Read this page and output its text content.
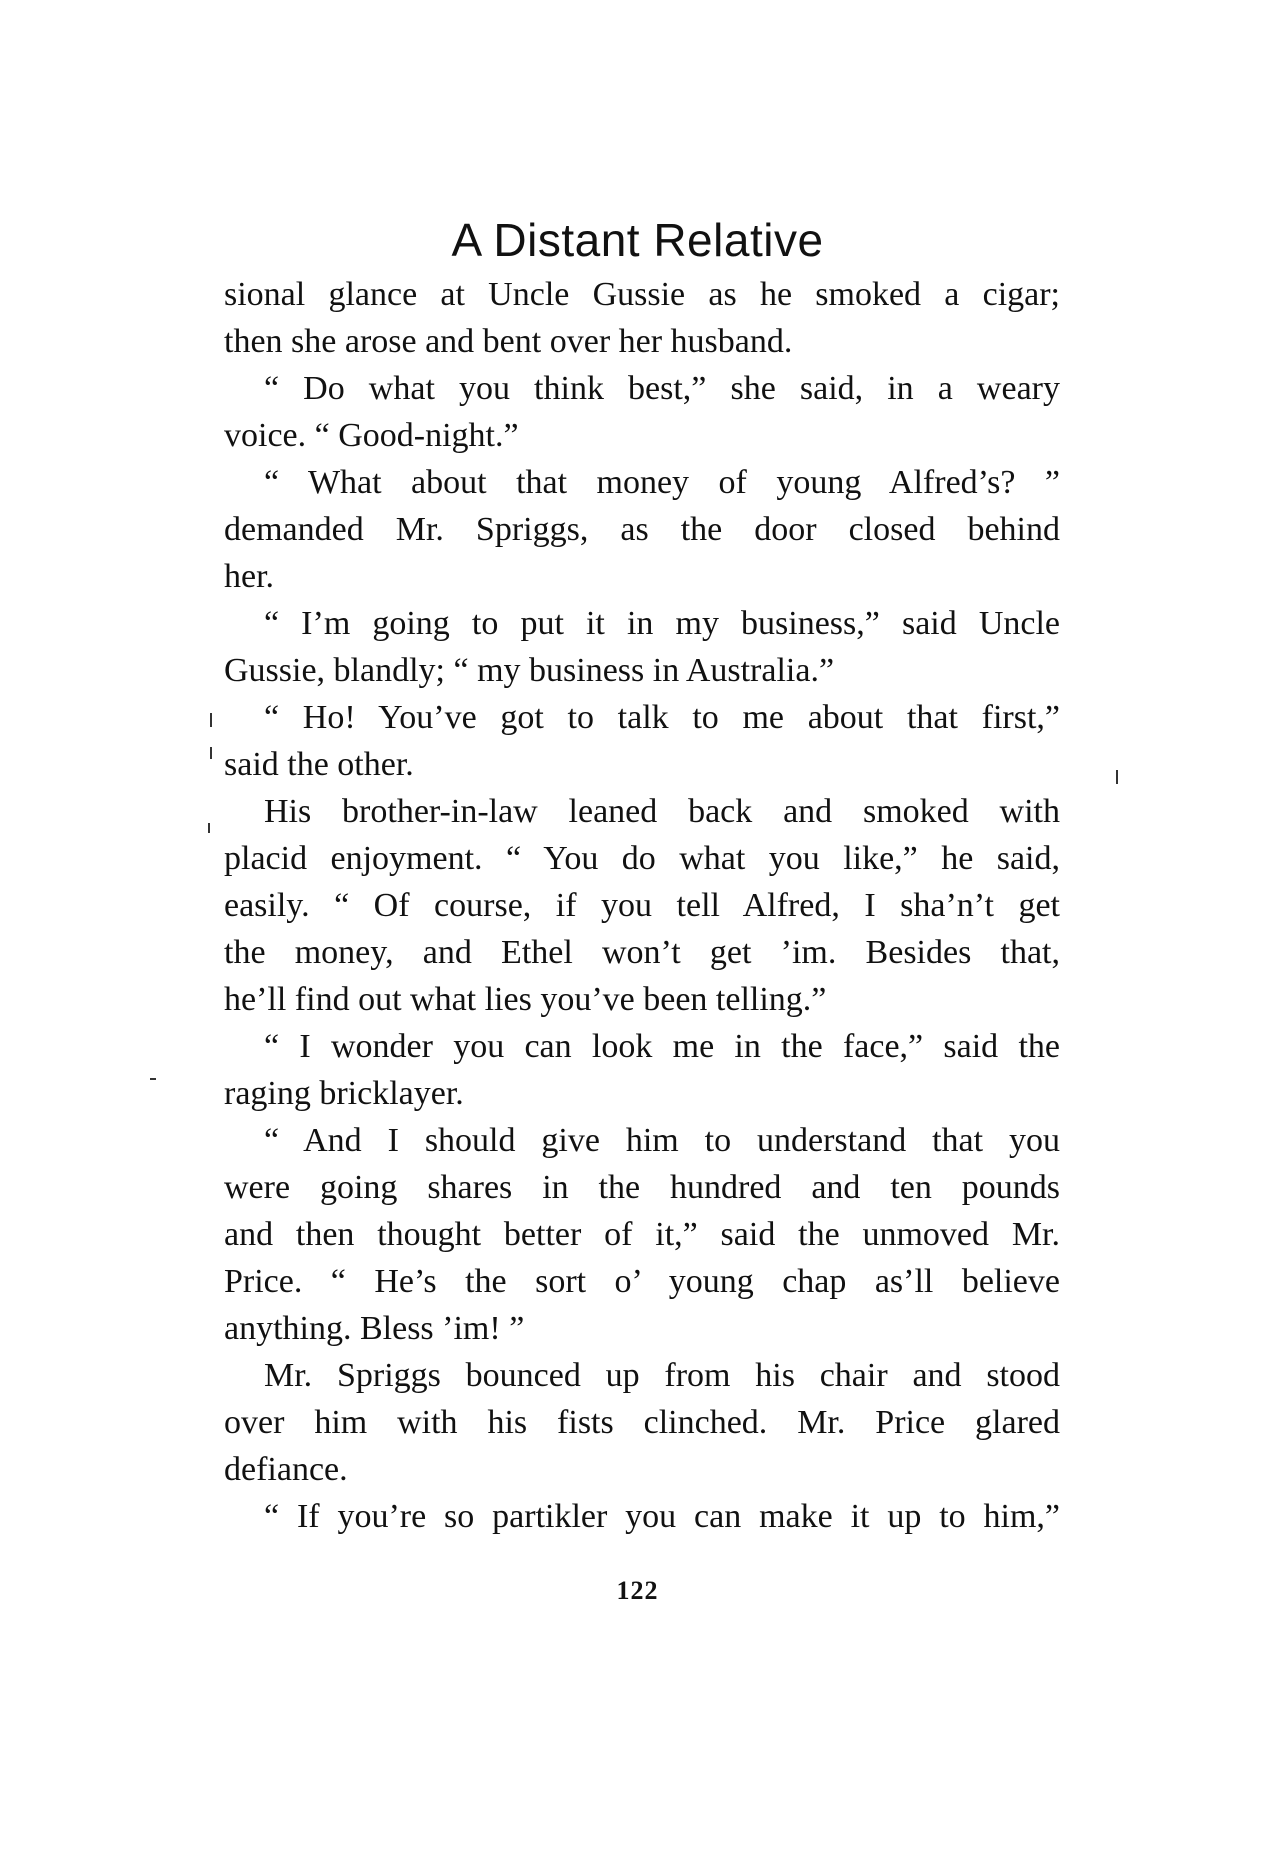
A Distant Relative
sional glance at Uncle Gussie as he smoked a cigar;
then she arose and bent over her husband.
“ Do what you think best,” she said, in a weary
voice. “ Good-night.”
“ What about that money of young Alfred’s? ”
demanded Mr. Spriggs, as the door closed behind
her.
“ I’m going to put it in my business,” said Uncle
Gussie, blandly; “ my business in Australia.”
“ Ho! You’ve got to talk to me about that first,”
said the other.
His brother-in-law leaned back and smoked with
placid enjoyment. “ You do what you like,” he said,
easily. “ Of course, if you tell Alfred, I sha’n’t get
the money, and Ethel won’t get ’im. Besides that,
he’ll find out what lies you’ve been telling.”
“ I wonder you can look me in the face,” said the
raging bricklayer.
“ And I should give him to understand that you
were going shares in the hundred and ten pounds
and then thought better of it,” said the unmoved Mr.
Price. “ He’s the sort o’ young chap as’ll believe
anything. Bless ’im! ”
Mr. Spriggs bounced up from his chair and stood
over him with his fists clinched. Mr. Price glared
defiance.
“ If you’re so partikler you can make it up to him,”
122
